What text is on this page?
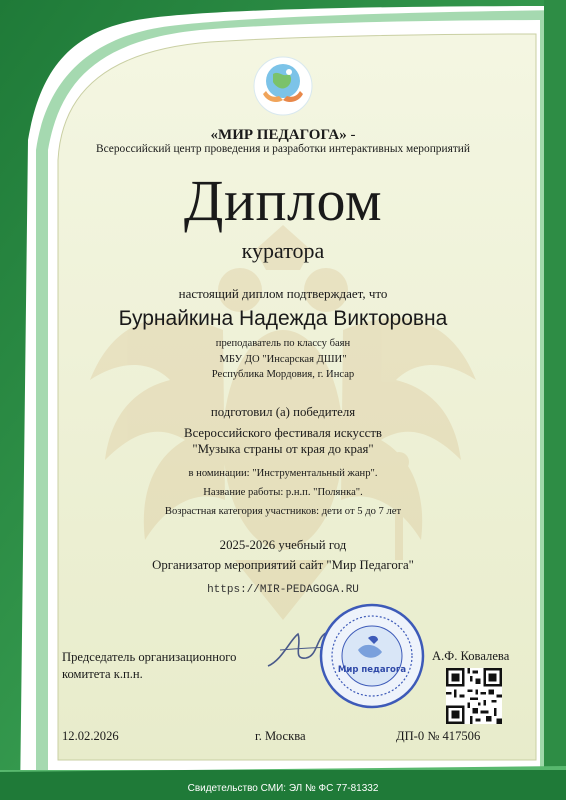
«МИР ПЕДАГОГА» -
Всероссийский центр проведения и разработки интерактивных мероприятий
Диплом
куратора
настоящий диплом подтверждает, что
Бурнайкина Надежда Викторовна
преподаватель по классу баян
МБУ ДО "Инсарская ДШИ"
Республика Мордовия, г. Инсар
подготовил (а) победителя
Всероссийского фестиваля искусств
"Музыка страны от края до края"
в номинации: "Инструментальный жанр".
Название работы: р.н.п. "Полянка".
Возрастная категория участников: дети от 5 до 7 лет
2025-2026 учебный год
Организатор мероприятий сайт "Мир Педагога"
https://MIR-PEDAGOGA.RU
Мир педагога
Председатель организационного
комитета к.п.н.
А.Ф. Ковалева
12.02.2026	г. Москва	ДП-0 № 417506
Свидетельство СМИ: ЭЛ № ФС 77-81332
